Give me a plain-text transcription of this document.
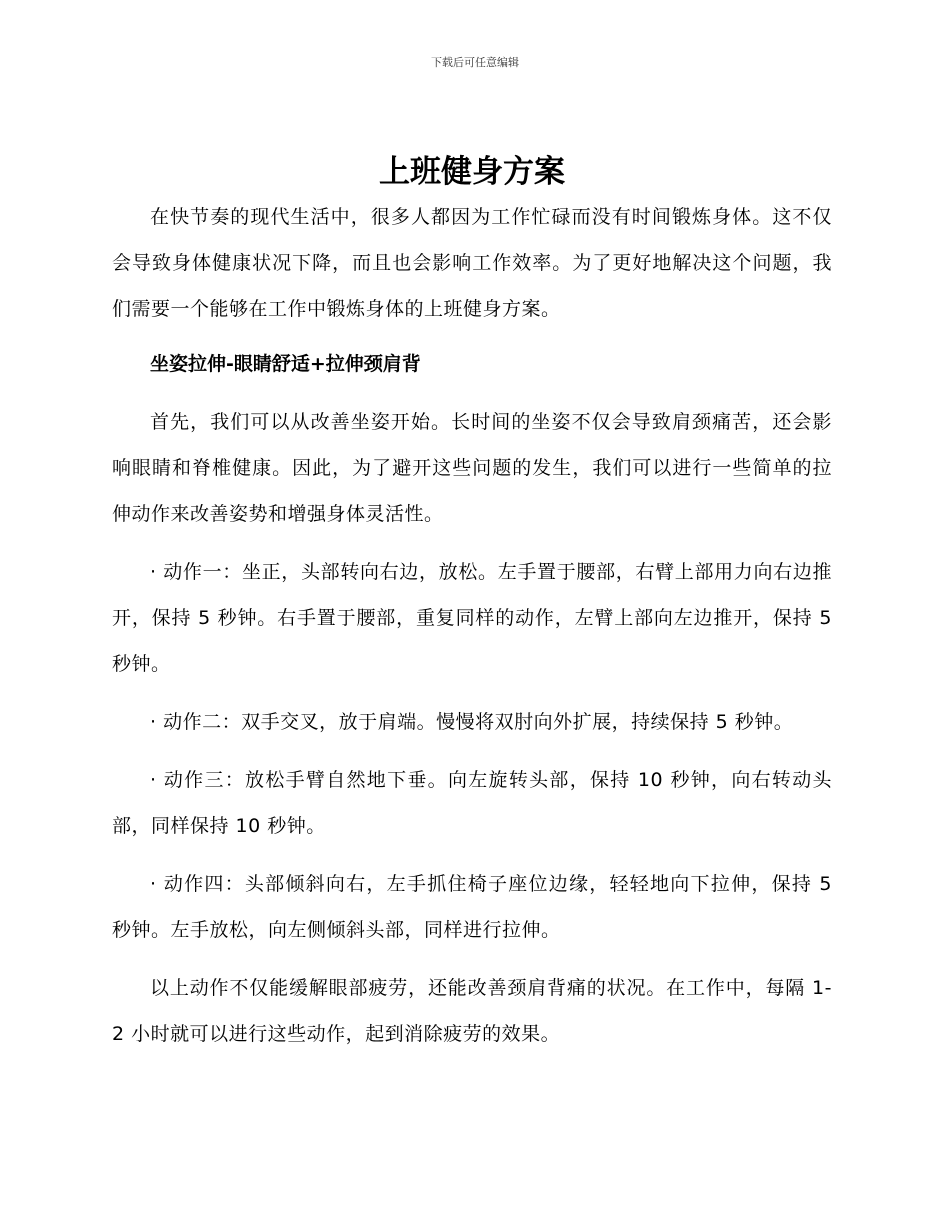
下载后可任意编辑
上班健身方案

在快节奏的现代生活中，很多人都因为工作忙碌而没有时间锻炼身体。这不仅会导致身体健康状况下降，而且也会影响工作效率。为了更好地解决这个问题，我们需要一个能够在工作中锻炼身体的上班健身方案。

坐姿拉伸-眼睛舒适+拉伸颈肩背

首先，我们可以从改善坐姿开始。长时间的坐姿不仅会导致肩颈痛苦，还会影响眼睛和脊椎健康。因此，为了避开这些问题的发生，我们可以进行一些简单的拉伸动作来改善姿势和增强身体灵活性。

· 动作一：坐正，头部转向右边，放松。左手置于腰部，右臂上部用力向右边推开，保持 5 秒钟。右手置于腰部，重复同样的动作，左臂上部向左边推开，保持 5 秒钟。

· 动作二：双手交叉，放于肩端。慢慢将双肘向外扩展，持续保持 5 秒钟。

· 动作三：放松手臂自然地下垂。向左旋转头部，保持 10 秒钟，向右转动头部，同样保持 10 秒钟。

· 动作四：头部倾斜向右，左手抓住椅子座位边缘，轻轻地向下拉伸，保持 5 秒钟。左手放松，向左侧倾斜头部，同样进行拉伸。

以上动作不仅能缓解眼部疲劳，还能改善颈肩背痛的状况。在工作中，每隔 1-2 小时就可以进行这些动作，起到消除疲劳的效果。
